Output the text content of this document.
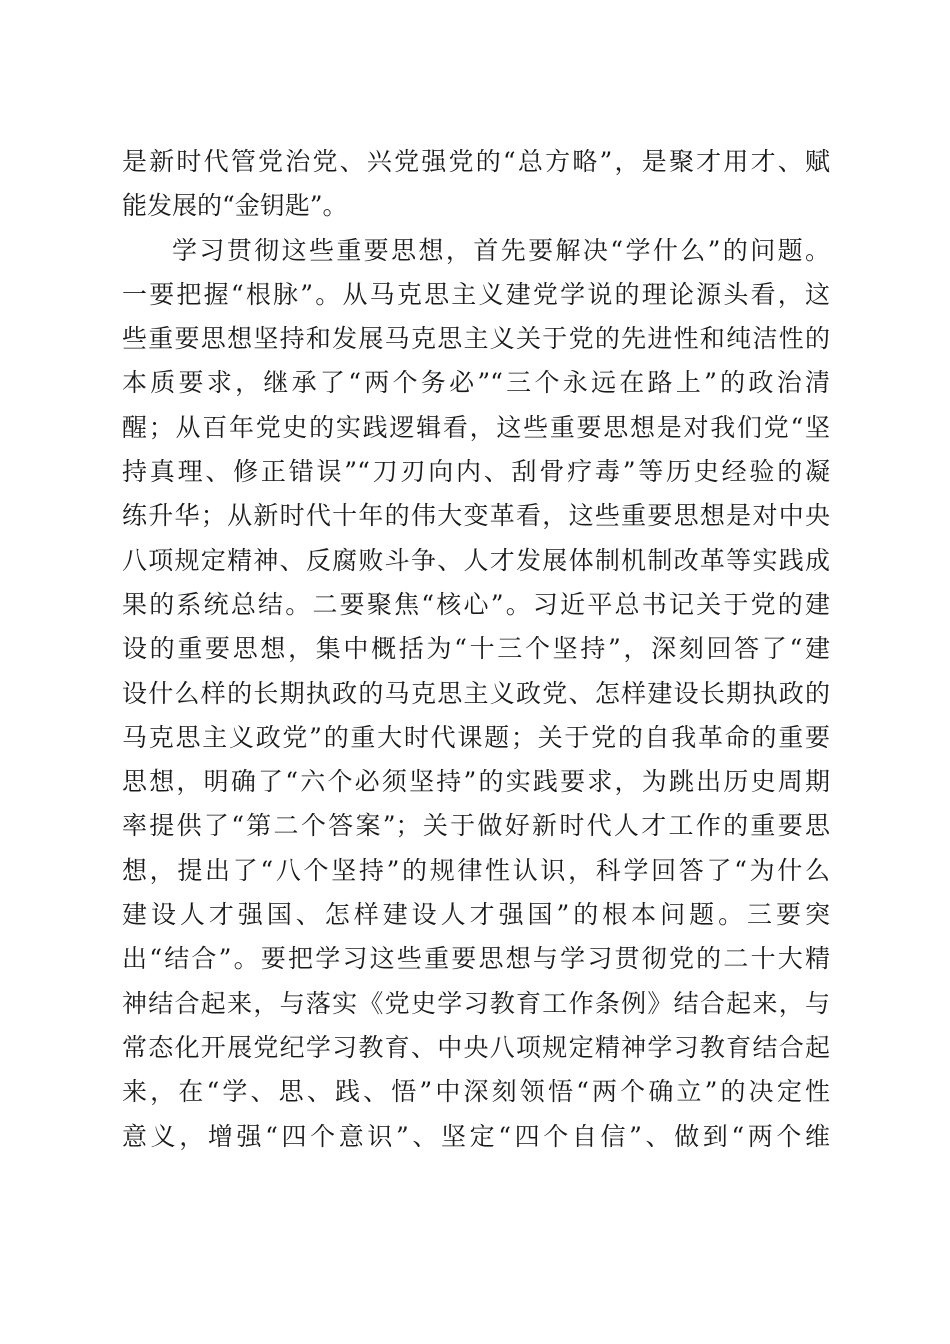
是新时代管党治党、兴党强党的“总方略”，是聚才用才、赋
能发展的“金钥匙”。
学习贯彻这些重要思想，首先要解决“学什么”的问题。
一要把握“根脉”。从马克思主义建党学说的理论源头看，这
些重要思想坚持和发展马克思主义关于党的先进性和纯洁性的
本质要求，继承了“两个务必”“三个永远在路上”的政治清
醒；从百年党史的实践逻辑看，这些重要思想是对我们党“坚
持真理、修正错误”“刀刃向内、刮骨疗毒”等历史经验的凝
练升华；从新时代十年的伟大变革看，这些重要思想是对中央
八项规定精神、反腐败斗争、人才发展体制机制改革等实践成
果的系统总结。二要聚焦“核心”。习近平总书记关于党的建
设的重要思想，集中概括为“十三个坚持”，深刻回答了“建
设什么样的长期执政的马克思主义政党、怎样建设长期执政的
马克思主义政党”的重大时代课题；关于党的自我革命的重要
思想，明确了“六个必须坚持”的实践要求，为跳出历史周期
率提供了“第二个答案”；关于做好新时代人才工作的重要思
想，提出了“八个坚持”的规律性认识，科学回答了“为什么
建设人才强国、怎样建设人才强国”的根本问题。三要突
出“结合”。要把学习这些重要思想与学习贯彻党的二十大精
神结合起来，与落实《党史学习教育工作条例》结合起来，与
常态化开展党纪学习教育、中央八项规定精神学习教育结合起
来，在“学、思、践、悟”中深刻领悟“两个确立”的决定性
意义，增强“四个意识”、坚定“四个自信”、做到“两个维
